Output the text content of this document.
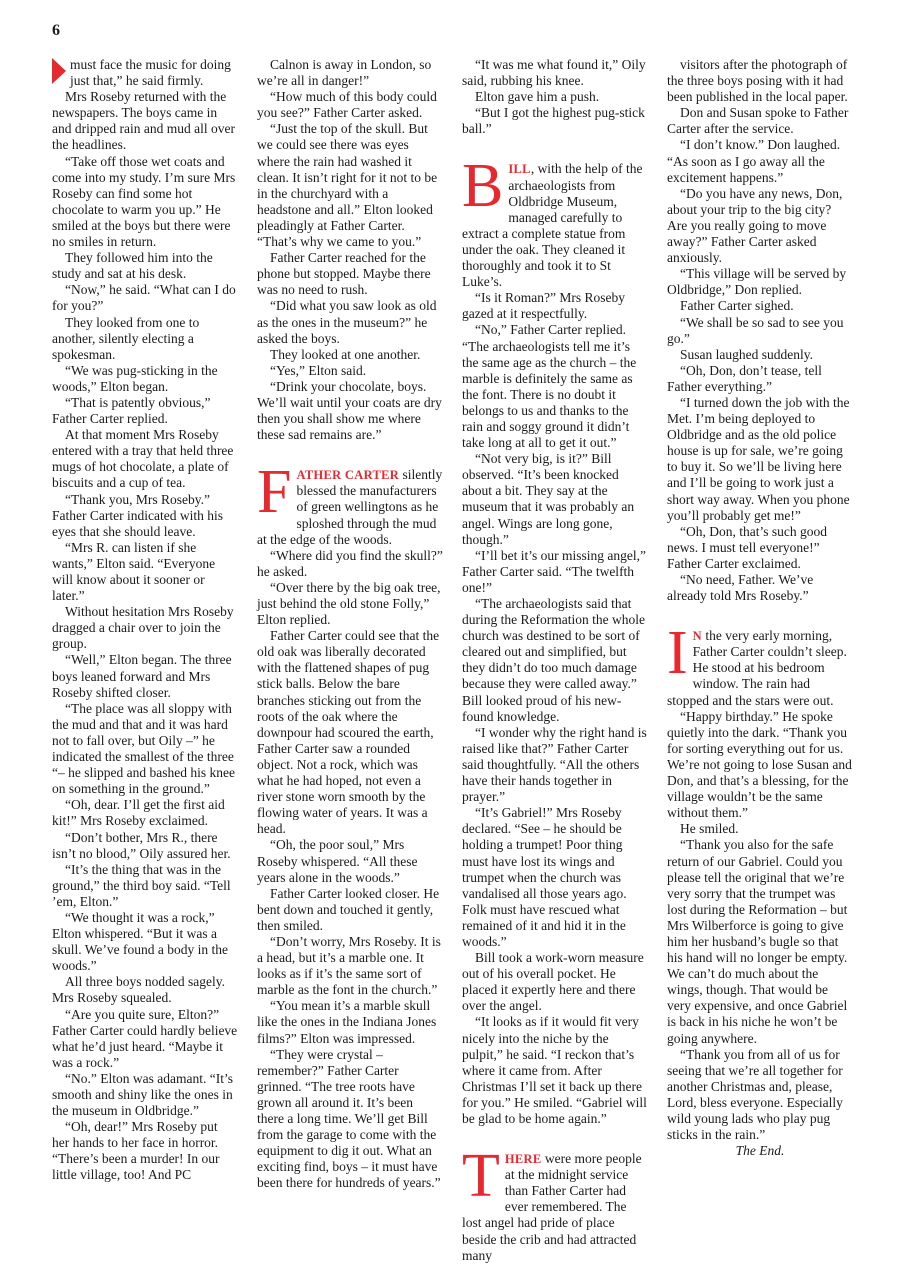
6

must face the music for doing just that,” he said firmly.

Mrs Roseby returned with the newspapers. The boys came in and dripped rain and mud all over the headlines.

“Take off those wet coats and come into my study. I’m sure Mrs Roseby can find some hot chocolate to warm you up.” He smiled at the boys but there were no smiles in return.

They followed him into the study and sat at his desk.

“Now,” he said. “What can I do for you?”

They looked from one to another, silently electing a spokesman.

“We was pug-sticking in the woods,” Elton began.

“That is patently obvious,” Father Carter replied.

At that moment Mrs Roseby entered with a tray that held three mugs of hot chocolate, a plate of biscuits and a cup of tea.

“Thank you, Mrs Roseby.” Father Carter indicated with his eyes that she should leave.

“Mrs R. can listen if she wants,” Elton said. “Everyone will know about it sooner or later.”

Without hesitation Mrs Roseby dragged a chair over to join the group.

“Well,” Elton began. The three boys leaned forward and Mrs Roseby shifted closer.

“The place was all sloppy with the mud and that and it was hard not to fall over, but Oily –” he indicated the smallest of the three “– he slipped and bashed his knee on something in the ground.”

“Oh, dear. I’ll get the first aid kit!” Mrs Roseby exclaimed.

“Don’t bother, Mrs R., there isn’t no blood,” Oily assured her.

“It’s the thing that was in the ground,” the third boy said. “Tell ’em, Elton.”

“We thought it was a rock,” Elton whispered. “But it was a skull. We’ve found a body in the woods.”

All three boys nodded sagely. Mrs Roseby squealed.

“Are you quite sure, Elton?” Father Carter could hardly believe what he’d just heard. “Maybe it was a rock.”

“No.” Elton was adamant. “It’s smooth and shiny like the ones in the museum in Oldbridge.”

“Oh, dear!” Mrs Roseby put her hands to her face in horror. “There’s been a murder! In our little village, too! And PC

Calnon is away in London, so we’re all in danger!”

“How much of this body could you see?” Father Carter asked.

“Just the top of the skull. But we could see there was eyes where the rain had washed it clean. It isn’t right for it not to be in the churchyard with a headstone and all.” Elton looked pleadingly at Father Carter. “That’s why we came to you.”

Father Carter reached for the phone but stopped. Maybe there was no need to rush.

“Did what you saw look as old as the ones in the museum?” he asked the boys.

They looked at one another.

“Yes,” Elton said.

“Drink your chocolate, boys. We’ll wait until your coats are dry then you shall show me where these sad remains are.”

FATHER CARTER silently blessed the manufacturers of green wellingtons as he sploshed through the mud at the edge of the woods.

“Where did you find the skull?” he asked.

“Over there by the big oak tree, just behind the old stone Folly,” Elton replied.

Father Carter could see that the old oak was liberally decorated with the flattened shapes of pug stick balls. Below the bare branches sticking out from the roots of the oak where the downpour had scoured the earth, Father Carter saw a rounded object. Not a rock, which was what he had hoped, not even a river stone worn smooth by the flowing water of years. It was a head.

“Oh, the poor soul,” Mrs Roseby whispered. “All these years alone in the woods.”

Father Carter looked closer. He bent down and touched it gently, then smiled.

“Don’t worry, Mrs Roseby. It is a head, but it’s a marble one. It looks as if it’s the same sort of marble as the font in the church.”

“You mean it’s a marble skull like the ones in the Indiana Jones films?” Elton was impressed.

“They were crystal – remember?” Father Carter grinned. “The tree roots have grown all around it. It’s been there a long time. We’ll get Bill from the garage to come with the equipment to dig it out. What an exciting find, boys – it must have been there for hundreds of years.”

“It was me what found it,” Oily said, rubbing his knee.

Elton gave him a push.

“But I got the highest pug-stick ball.”

BILL, with the help of the archaeologists from Oldbridge Museum, managed carefully to extract a complete statue from under the oak. They cleaned it thoroughly and took it to St Luke’s.

“Is it Roman?” Mrs Roseby gazed at it respectfully.

“No,” Father Carter replied. “The archaeologists tell me it’s the same age as the church – the marble is definitely the same as the font. There is no doubt it belongs to us and thanks to the rain and soggy ground it didn’t take long at all to get it out.”

“Not very big, is it?” Bill observed. “It’s been knocked about a bit. They say at the museum that it was probably an angel. Wings are long gone, though.”

“I’ll bet it’s our missing angel,” Father Carter said. “The twelfth one!”

“The archaeologists said that during the Reformation the whole church was destined to be sort of cleared out and simplified, but they didn’t do too much damage because they were called away.” Bill looked proud of his new-found knowledge.

“I wonder why the right hand is raised like that?” Father Carter said thoughtfully. “All the others have their hands together in prayer.”

“It’s Gabriel!” Mrs Roseby declared. “See – he should be holding a trumpet! Poor thing must have lost its wings and trumpet when the church was vandalised all those years ago. Folk must have rescued what remained of it and hid it in the woods.”

Bill took a work-worn measure out of his overall pocket. He placed it expertly here and there over the angel.

“It looks as if it would fit very nicely into the niche by the pulpit,” he said. “I reckon that’s where it came from. After Christmas I’ll set it back up there for you.” He smiled. “Gabriel will be glad to be home again.”

THERE were more people at the midnight service than Father Carter had ever remembered. The lost angel had pride of place beside the crib and had attracted many

visitors after the photograph of the three boys posing with it had been published in the local paper.

Don and Susan spoke to Father Carter after the service.

“I don’t know.” Don laughed. “As soon as I go away all the excitement happens.”

“Do you have any news, Don, about your trip to the big city? Are you really going to move away?” Father Carter asked anxiously.

“This village will be served by Oldbridge,” Don replied.

Father Carter sighed.

“We shall be so sad to see you go.”

Susan laughed suddenly.

“Oh, Don, don’t tease, tell Father everything.”

“I turned down the job with the Met. I’m being deployed to Oldbridge and as the old police house is up for sale, we’re going to buy it. So we’ll be living here and I’ll be going to work just a short way away. When you phone you’ll probably get me!”

“Oh, Don, that’s such good news. I must tell everyone!” Father Carter exclaimed.

“No need, Father. We’ve already told Mrs Roseby.”

I N the very early morning, Father Carter couldn’t sleep. He stood at his bedroom window. The rain had stopped and the stars were out.

“Happy birthday.” He spoke quietly into the dark. “Thank you for sorting everything out for us. We’re not going to lose Susan and Don, and that’s a blessing, for the village wouldn’t be the same without them.”

He smiled.

“Thank you also for the safe return of our Gabriel. Could you please tell the original that we’re very sorry that the trumpet was lost during the Reformation – but Mrs Wilberforce is going to give him her husband’s bugle so that his hand will no longer be empty. We can’t do much about the wings, though. That would be very expensive, and once Gabriel is back in his niche he won’t be going anywhere.

“Thank you from all of us for seeing that we’re all together for another Christmas and, please, Lord, bless everyone. Especially wild young lads who play pug sticks in the rain.”

The End.
